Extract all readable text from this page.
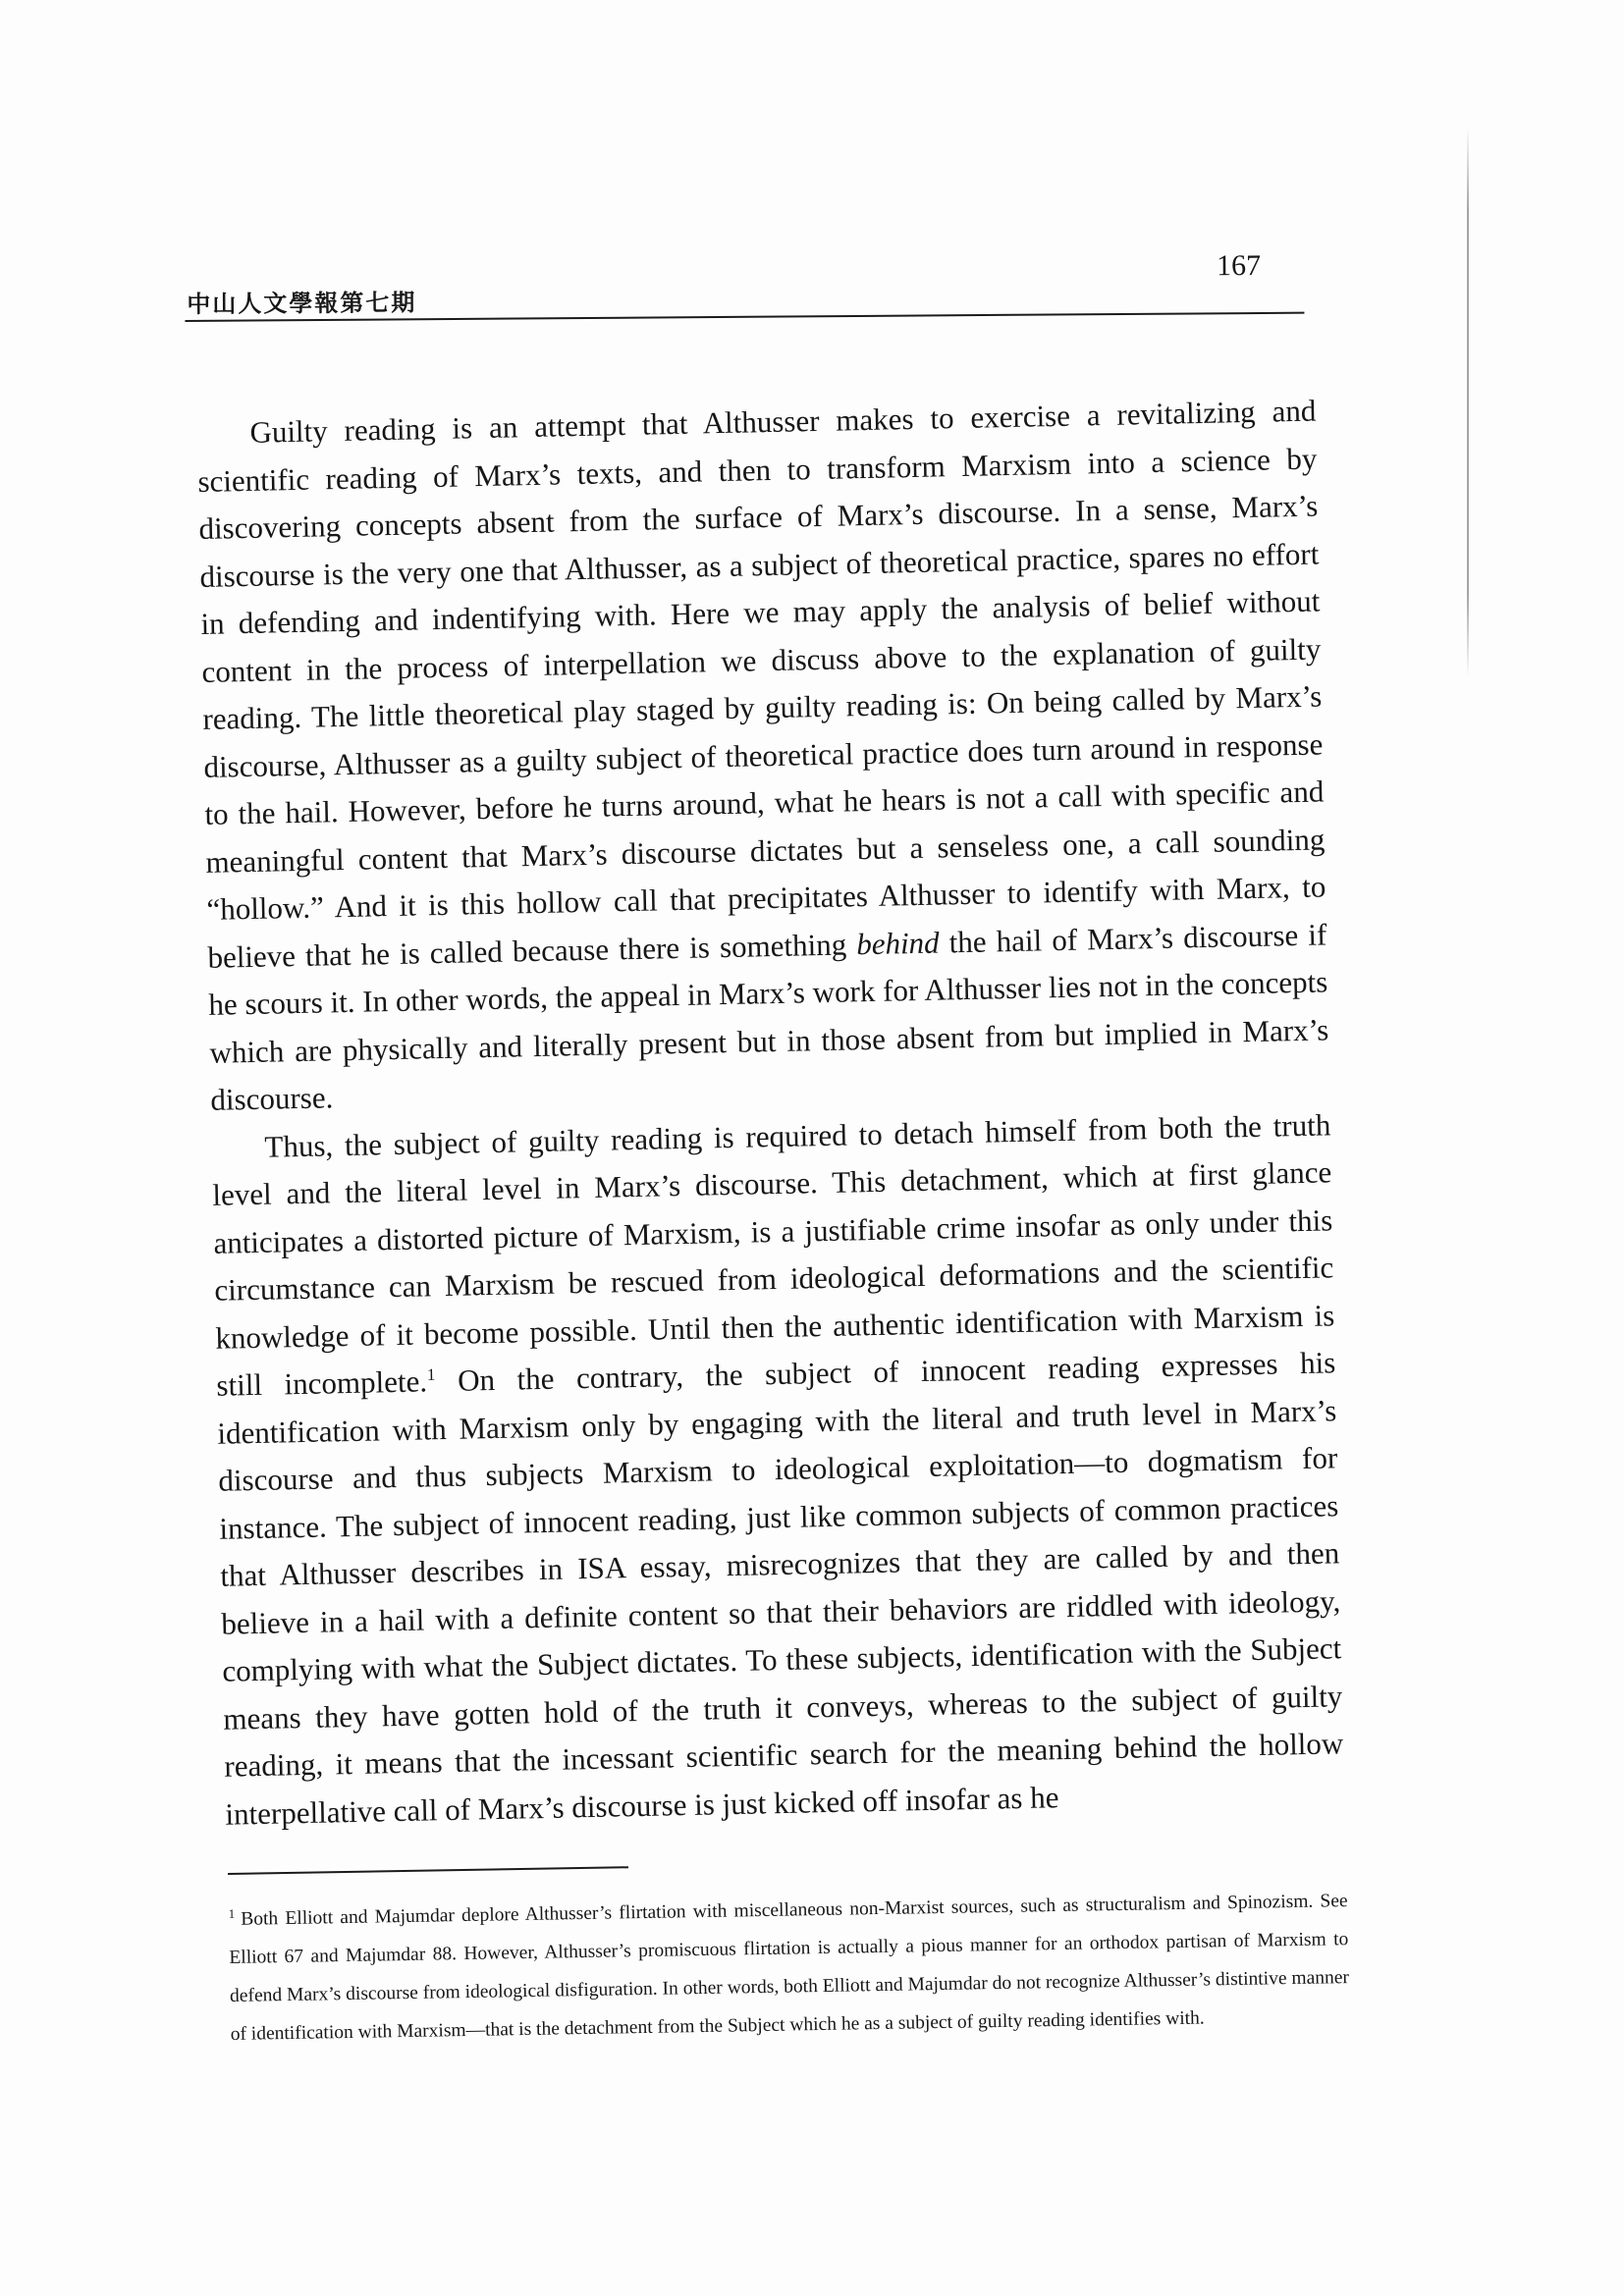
中山人文學報第七期
167

Guilty reading is an attempt that Althusser makes to exercise a revitalizing and scientific reading of Marx’s texts, and then to transform Marxism into a science by discovering concepts absent from the surface of Marx’s discourse. In a sense, Marx’s discourse is the very one that Althusser, as a subject of theoretical practice, spares no effort in defending and indentifying with. Here we may apply the analysis of belief without content in the process of interpellation we discuss above to the explanation of guilty reading. The little theoretical play staged by guilty reading is: On being called by Marx’s discourse, Althusser as a guilty subject of theoretical practice does turn around in response to the hail. However, before he turns around, what he hears is not a call with specific and meaningful content that Marx’s discourse dictates but a senseless one, a call sounding “hollow.” And it is this hollow call that precipitates Althusser to identify with Marx, to believe that he is called because there is something behind the hail of Marx’s discourse if he scours it. In other words, the appeal in Marx’s work for Althusser lies not in the concepts which are physically and literally present but in those absent from but implied in Marx’s discourse.

Thus, the subject of guilty reading is required to detach himself from both the truth level and the literal level in Marx’s discourse. This detachment, which at first glance anticipates a distorted picture of Marxism, is a justifiable crime insofar as only under this circumstance can Marxism be rescued from ideological deformations and the scientific knowledge of it become possible. Until then the authentic identification with Marxism is still incomplete.$^1$ On the contrary, the subject of innocent reading expresses his identification with Marxism only by engaging with the literal and truth level in Marx’s discourse and thus subjects Marxism to ideological exploitation—to dogmatism for instance. The subject of innocent reading, just like common subjects of common practices that Althusser describes in ISA essay, misrecognizes that they are called by and then believe in a hail with a definite content so that their behaviors are riddled with ideology, complying with what the Subject dictates. To these subjects, identification with the Subject means they have gotten hold of the truth it conveys, whereas to the subject of guilty reading, it means that the incessant scientific search for the meaning behind the hollow interpellative call of Marx’s discourse is just kicked off insofar as he

$^1$ Both Elliott and Majumdar deplore Althusser’s flirtation with miscellaneous non-Marxist sources, such as structuralism and Spinozism. See Elliott 67 and Majumdar 88. However, Althusser’s promiscuous flirtation is actually a pious manner for an orthodox partisan of Marxism to defend Marx’s discourse from ideological disfiguration. In other words, both Elliott and Majumdar do not recognize Althusser’s distintive manner of identification with Marxism—that is the detachment from the Subject which he as a subject of guilty reading identifies with.
